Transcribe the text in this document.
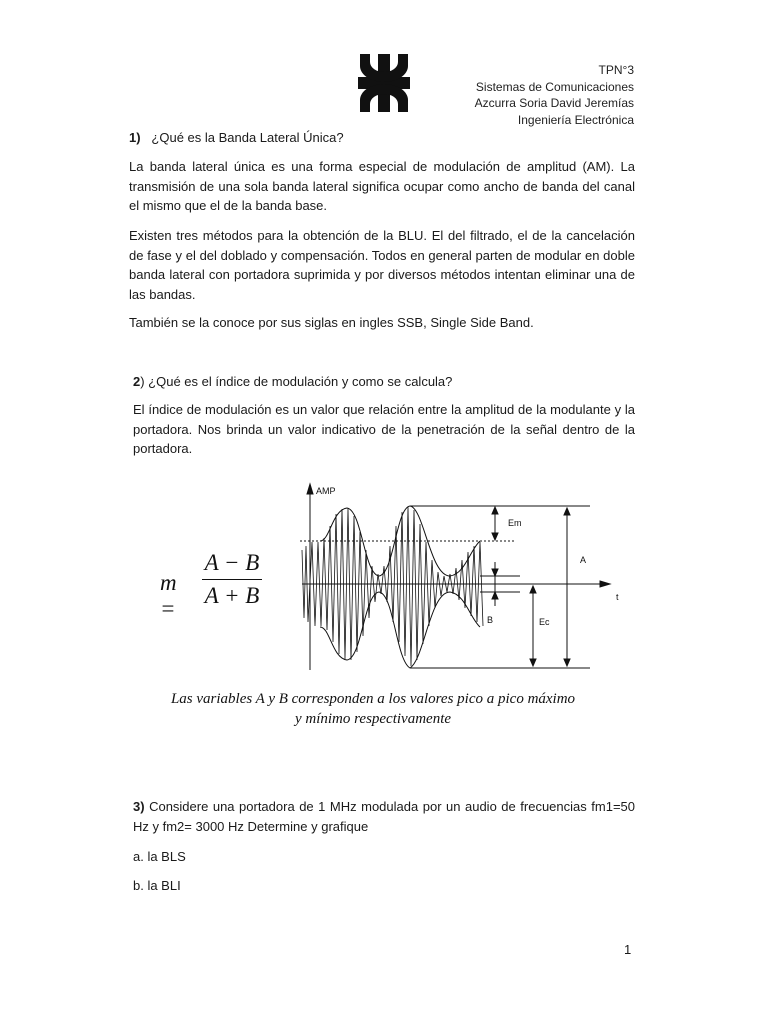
TPN°3
Sistemas de Comunicaciones
Azcurra Soria David Jeremías
Ingeniería Electrónica
1) ¿Qué es la Banda Lateral Única?
La banda lateral única es una forma especial de modulación de amplitud (AM). La transmisión de una sola banda lateral significa ocupar como ancho de banda del canal el mismo que el de la banda base.
Existen tres métodos para la obtención de la BLU. El del filtrado, el de la cancelación de fase y el del doblado y compensación. Todos en general parten de modular en doble banda lateral con portadora suprimida y por diversos métodos intentan eliminar una de las bandas.
También se la conoce por sus siglas en ingles SSB, Single Side Band.
2) ¿Qué es el índice de modulación y como se calcula?
El índice de modulación es un valor que relación entre la amplitud de la modulante y la portadora. Nos brinda un valor indicativo de la penetración de la señal dentro de la portadora.
3) Considere una portadora de 1 MHz modulada por un audio de frecuencias fm1=50 Hz y fm2= 3000 Hz Determine y grafique
a. la BLS
b. la BLI
m =
A − B
A + B
AMP
Em
A
t
B	Ec
Las variables A y B corresponden a los valores pico a pico máximo
y mínimo respectivamente
1
